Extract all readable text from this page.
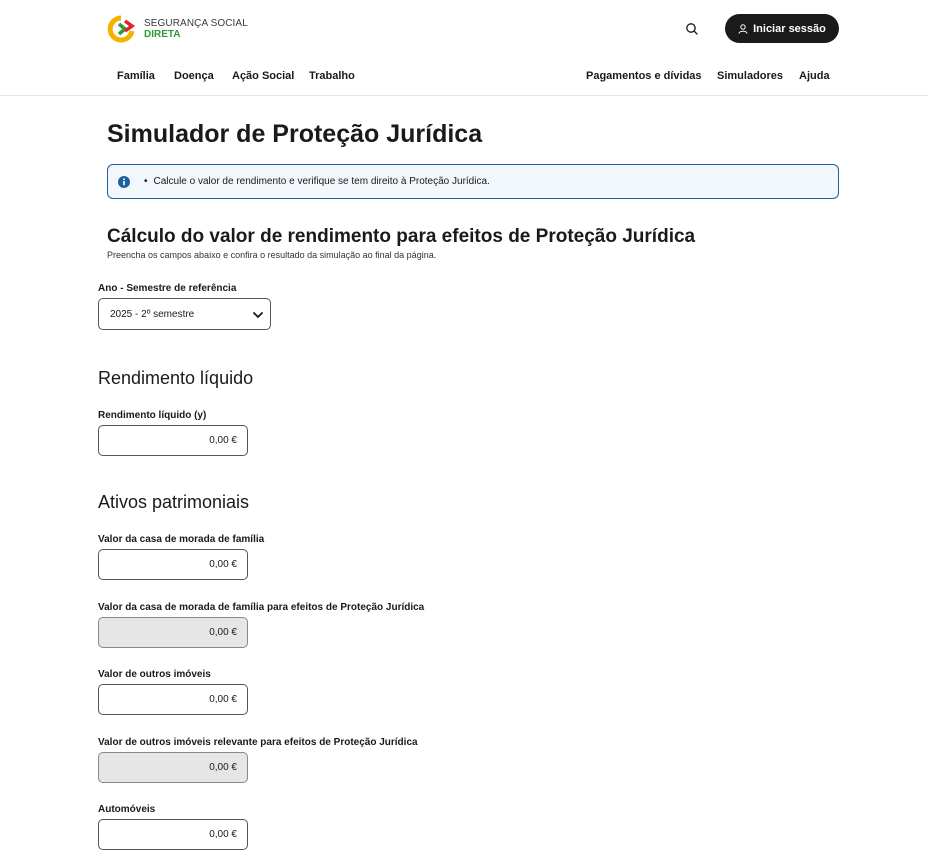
SEGURANÇA SOCIAL
DIRETA	Iniciar sessão
Família Doença Ação Social Trabalho	Pagamentos e dívidas Simuladores Ajuda
Simulador de Proteção Jurídica
• Calcule o valor de rendimento e verifique se tem direito à Proteção Jurídica.
Cálculo do valor de rendimento para efeitos de Proteção Jurídica

Preencha os campos abaixo e confira o resultado da simulação ao final da página.

Ano - Semestre de referência
2025 - 2º semestre
Rendimento líquido
Rendimento líquido (y)
0,00 €
Ativos patrimoniais
Valor da casa de morada de família
0,00 €
Valor da casa de morada de família para efeitos de Proteção Jurídica
0,00 €
Valor de outros imóveis
0,00 €
Valor de outros imóveis relevante para efeitos de Proteção Jurídica
0,00 €
Automóveis
0,00 €
